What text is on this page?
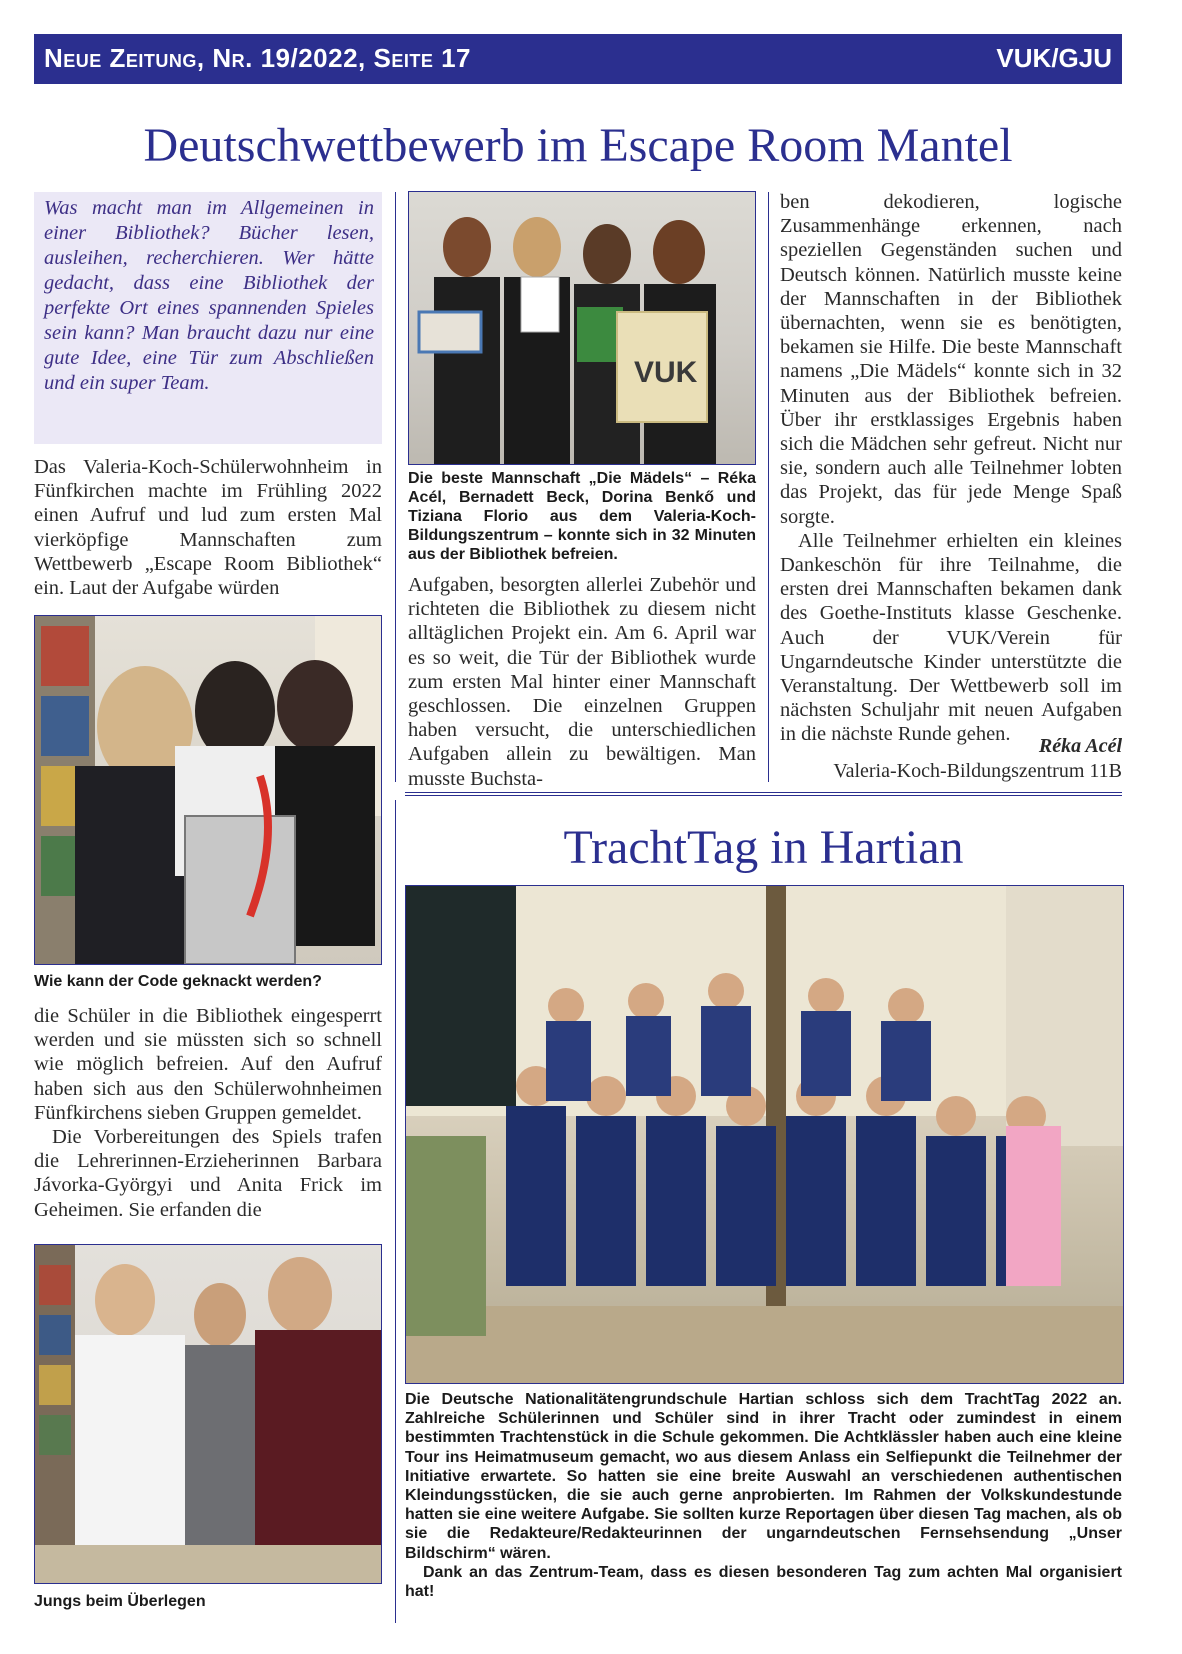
Neue Zeitung, Nr. 19/2022, Seite 17	VUK/GJU
Deutschwettbewerb im Escape Room Mantel
Was macht man im Allgemeinen in einer Bibliothek? Bücher lesen, ausleihen, recherchieren. Wer hätte gedacht, dass eine Bibliothek der perfekte Ort eines spannenden Spieles sein kann? Man braucht dazu nur eine gute Idee, eine Tür zum Abschließen und ein super Team.

Das Valeria-Koch-Schülerwohnheim in Fünfkirchen machte im Frühling 2022 einen Aufruf und lud zum ersten Mal vierköpfige Mannschaften zum Wettbewerb „Escape Room Bibliothek“ ein. Laut der Aufgabe würden

Wie kann der Code geknackt werden?

die Schüler in die Bibliothek eingesperrt werden und sie müssten sich so schnell wie möglich befreien. Auf den Aufruf haben sich aus den Schülerwohnheimen Fünfkirchens sieben Gruppen gemeldet.

Die Vorbereitungen des Spiels trafen die Lehrerinnen-Erzieherinnen Barbara Jávorka-Györgyi und Anita Frick im Geheimen. Sie erfanden die

Jungs beim Überlegen
VUK
Die beste Mannschaft „Die Mädels“ – Réka Acél, Bernadett Beck, Dorina Benkő und Tiziana Florio aus dem Valeria-Koch-Bildungszentrum – konnte sich in 32 Minuten aus der Bibliothek befreien.

Aufgaben, besorgten allerlei Zubehör und richteten die Bibliothek zu diesem nicht alltäglichen Projekt ein. Am 6. April war es so weit, die Tür der Bibliothek wurde zum ersten Mal hinter einer Mannschaft geschlossen. Die einzelnen Gruppen haben versucht, die unterschiedlichen Aufgaben allein zu bewältigen. Man musste Buchsta-

ben dekodieren, logische Zusammenhänge erkennen, nach speziellen Gegenständen suchen und Deutsch können. Natürlich musste keine der Mannschaften in der Bibliothek übernachten, wenn sie es benötigten, bekamen sie Hilfe. Die beste Mannschaft namens „Die Mädels“ konnte sich in 32 Minuten aus der Bibliothek befreien. Über ihr erstklassiges Ergebnis haben sich die Mädchen sehr gefreut. Nicht nur sie, sondern auch alle Teilnehmer lobten das Projekt, das für jede Menge Spaß sorgte.

Alle Teilnehmer erhielten ein kleines Dankeschön für ihre Teilnahme, die ersten drei Mannschaften bekamen dank des Goethe-Instituts klasse Geschenke. Auch der VUK/Verein für Ungarndeutsche Kinder unterstützte die Veranstaltung. Der Wettbewerb soll im nächsten Schuljahr mit neuen Aufgaben in die nächste Runde gehen.

Réka Acél
Valeria-Koch-Bildungszentrum 11B
TrachtTag in Hartian

Die Deutsche Nationalitätengrundschule Hartian schloss sich dem TrachtTag 2022 an. Zahlreiche Schülerinnen und Schüler sind in ihrer Tracht oder zumindest in einem bestimmten Trachtenstück in die Schule gekommen. Die Achtklässler haben auch eine kleine Tour ins Heimatmuseum gemacht, wo aus diesem Anlass ein Selfiepunkt die Teilnehmer der Initiative erwartete. So hatten sie eine breite Auswahl an verschiedenen authentischen Kleindungsstücken, die sie auch gerne anprobierten. Im Rahmen der Volkskundestunde hatten sie eine weitere Aufgabe. Sie sollten kurze Reportagen über diesen Tag machen, als ob sie die Redakteure/Redakteurinnen der ungarndeutschen Fernsehsendung „Unser Bildschirm“ wären.

Dank an das Zentrum-Team, dass es diesen besonderen Tag zum achten Mal organisiert hat!
